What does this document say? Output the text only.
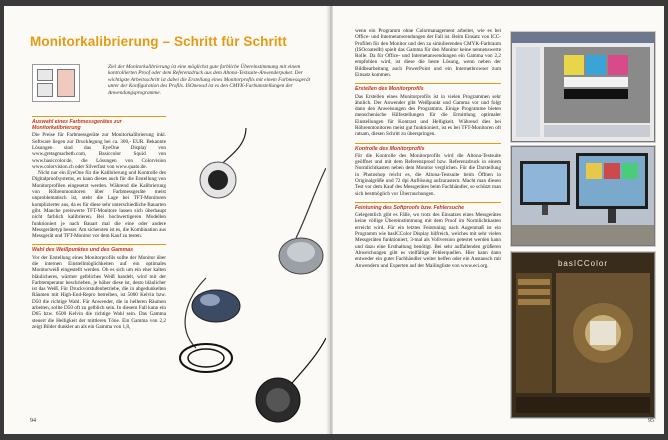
Monitorkalibrierung – Schritt für Schritt
Ziel der Monitorkalibrierung ist eine möglichst gute farbliche Übereinstimmung mit einem kontrollierten Proof oder dem Referenzdruck aus dem Altona-Testsuite-Anwenderpaket. Der wichtigste Arbeitsschritt ist dabei die Erstellung eines Monitorprofils mit einem Farbmessgerät unter der Konfiguration des Profils. ISOnewsd ist es den CMYK-Farbumstellungen der Anwendungsprogramme.
Auswahl eines Farbmessgerätes zur Monitorkalibrierung

Die Preise für Farbmessgeräte zur Monitorkalibrierung inkl. Software liegen zur Drucklegung bei ca. 300,- EUR. Bekannte Lösungen sind das EyeOne Display von www.gretagmacbeth.com, Basiccolor Squid von www.basiccolor.de, die Lösungen von Colorvision www.colorvision.ch oder Silverfast von www.quato.de.

Nicht nur ein EyeOne für die Kalibrierung und Kontrolle des Digitalproofsystems, es kann dieses auch für die Erstellung von Monitorprofilen eingesetzt werden. Während die Kalibrierung von Röhrenmonitoren über Farbmessgeräte meist unproblematisch ist, steht die Lage bei TFT-Monitoren komplizierter aus, da es für diese sehr unterschiedliche Bauarten gibt. Manche preiswerte TFT-Monitore lassen sich überhaupt nicht farblich kalibrieren. Bei hochwertigeren Modellen funktioniert je nach Bauart mal die eine oder andere Messgerätetyp besser. Am sichersten ist es, die Kombination aus Messgerät und TFT-Monitor vor dem Kauf zu testen.

Wahl des Weißpunktes und des Gammas

Vor der Erstellung eines Monitorprofils sollte der Monitor über die internen Einstellmöglichkeiten auf ein optimales Monitorweiß eingestellt werden. Ob es sich um ein eher kalten bläulicheres, wärmer gelbliches Weiß handelt, wird mit der Farbtemperatur beschrieben, je höher diese ist, desto bläulicher ist das Weiß. Für Druckvorstufenbetriebe, die in abgedunkelten Räumen mit High-End-Repro betreiben, ist 5000 Kelvin bzw. D50 die richtige Wahl. Für Anwender, die in helleren Räumen arbeiten, sollte D50 oft zu gelblich sein. In diesem Fall kann ein D65 bzw. 6500 Kelvin die richtige Wahl sein. Das Gamma steuert die Helligkeit der mittleren Töne. Ein Gamma von 2,2 zeigt Bilder dunkler an als ein Gamma von 1,8,

94

wenn ein Programm ohne Colormanagement arbeitet, wie es bei Office- und Internetanwendungen der Fall ist. Beim Einsatz von ICC-Profilen für den Monitor und den zu simulierenden CMYK-Farbraum (ISOcoatedIt) spielt das Gamma für den Monitor keine nennenswerte Rolle. Da für Office- und Internetanwendungen ein Gamma von 2,2 empfohlen wird, ist diese die beste Lösung, wenn neben der Bildbearbeitung auch PowerPoint und ein Internetbrowser zum Einsatz kommen.

Erstellen des Monitorprofils

Das Erstellen eines Monitorprofils ist in vielen Programmen sehr ähnlich. Der Anwender gibt Weißpunkt und Gamma vor und folgt dann den Anweisungen des Programms. Einige Programme bieten menschenische Hilfestellungen für die Ermittlung optimaler Einstellungen für Kontrast und Helligkeit. Während dies bei Röhrenmonitoren meist gut funktioniert, ist es bei TFT-Monitoren oft ratsam, diesen Schritt zu überspringen.

Kontrolle des Monitorprofils

Für die Kontrolle des Monitorprofils wird die Altona-Testsuite geöffnet und mit dem Referenzproof bzw. Referenzdruck in einem Normlichtkasten neben dem Monitor verglichen. Für die Darstellung in Photoshop reicht es, die Altona-Testsuite beim Öffnen in Originalgröße und 72 dpi Auflösung aufzurastern. Macht man diesen Test vor dem Kauf des Messgerätes beim Fachhändler, so schützt man sich bestmöglich vor Überraschungen.

Feintuning des Softproofs bzw. Fehlersuche

Gelegentlich gibt es Fälle, wo trotz des Einsatzes eines Messgerätes keine völlige Übereinstimmung mit dem Proof im Normlichtkasten erreicht wird. Für ein letztes Feintuning nach Augenmaß ist ein Programm wie basICColor Display hilfreich, welches mit sehr vielen Messgeräten funktioniert, 3-mal als Vollversion getestet werden kann und dazu eine Ersthaltung benötigt. Bei sehr auffallenden größeren Abweichungen gibt es vielfältige Fehlerquellen. Hier kann dann entweder ein guter Fachhändler weiter helfen oder ein Austausch mit Anwendern und Experten auf der Mailingliste von www.eci.org.	basICColor
95
